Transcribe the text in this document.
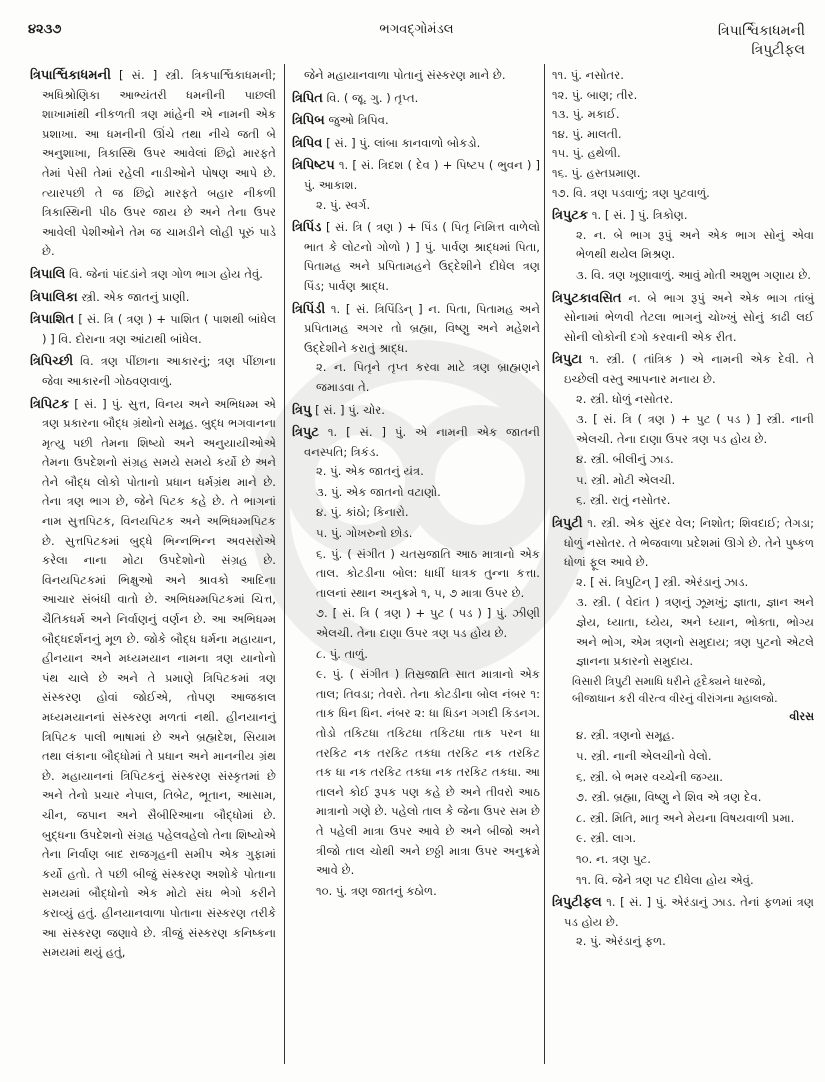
૪૨૩૭	ભગવદ્ગોમંડલ	ત્રિપાર્શ્વિકાધમની
ત્રિપુટીફલ

ત્રિપાર્શ્વિકાધમની [ સં. ] સ્ત્રી. ત્રિકપાર્શ્વિકાધમની; અધિશ્રોણિકા આભ્યંતરી ધમનીની પાછલી શાખામાંથી નીકળતી ત્રણ માંહેની એ નામની એક પ્રશાખા. આ ધમનીની ઊંચે તથા નીચે જતી બે અનુશાખા, ત્રિકાસ્થિ ઉપર આવેલાં છિદ્રો મારફતે તેમાં પેસી તેમાં રહેલી નાડીઓને પોષણ આપે છે. ત્યારપછી તે જ છિદ્રો મારફતે બહાર નીકળી ત્રિકાસ્થિની પીઠ ઉપર જાય છે અને તેના ઉપર આવેલી પેશીઓને તેમ જ ચામડીને લોહી પૂરું પાડે છે.

ત્રિપાલિ વિ. જેનાં પાંદડાંને ત્રણ ગોળ ભાગ હોય તેવું.

ત્રિપાલિકા સ્ત્રી. એક જાતનું પ્રાણી.

ત્રિપાશિત [ સં. ત્રિ ( ત્રણ ) + પાશિત ( પાશથી બાંધેલ ) ] વિ. દોરાના ત્રણ આંટાથી બાંધેલ.

ત્રિપિચ્છી વિ. ત્રણ પીંછાના આકારનું; ત્રણ પીંછાના જેવા આકારની ગોઠવણવાળું.

ત્રિપિટક [ સં. ] પું. સુત્ત, વિનય અને અભિધમ્મ એ ત્રણ પ્રકારના બૌદ્ધ ગ્રંથોનો સમૂહ. બુદ્ધ ભગવાનના મૃત્યુ પછી તેમના શિષ્યો અને અનુયાયીઓએ તેમના ઉપદેશનો સંગ્રહ સમયે સમયે કર્યો છે અને તેને બૌદ્ધ લોકો પોતાનો પ્રધાન ધર્મગ્રંથ માને છે. તેના ત્રણ ભાગ છે, જેને પિટક કહે છે. તે ભાગનાં નામ સુત્તપિટક, વિનયપિટક અને અભિધમ્મપિટક છે. સુત્તપિટકમાં બુદ્ધે ભિન્નભિન્ન અવસરોએ કરેલા નાના મોટા ઉપદેશોનો સંગ્રહ છે. વિનયપિટકમાં ભિક્ષુઓ અને શ્રાવકો આદિના આચાર સંબંધી વાતો છે. અભિધમ્મપિટકમાં ચિત્ત, ચૈતિકધર્મ અને નિર્વાણનું વર્ણન છે. આ અભિધમ્મ બૌદ્ધદર્શનનું મૂળ છે. જોકે બૌદ્ધ ધર્મના મહાયાન, હીનયાન અને મધ્યમયાન નામના ત્રણ યાનોનો પંથ ચાલે છે અને તે પ્રમાણે ત્રિપિટકમાં ત્રણ સંસ્કરણ હોવાં જોઈએ, તોપણ આજકાલ મધ્યમયાનનાં સંસ્કરણ મળતાં નથી. હીનયાનનું ત્રિપિટક પાલી ભાષામાં છે અને બ્રહ્મદેશ, સિયામ તથા લંકાના બૌદ્ધોમાં તે પ્રધાન અને માનનીય ગ્રંથ છે. મહાયાનનાં ત્રિપિટકનું સંસ્કરણ સંસ્કૃતમાં છે અને તેનો પ્રચાર નેપાલ, તિબેટ, ભૂતાન, આસામ, ચીન, જપાન અને સૈબીરિઆના બૌદ્ધોમાં છે. બુદ્ધના ઉપદેશનો સંગ્રહ પહેલવહેલો તેના શિષ્યોએ તેના નિર્વાણ બાદ રાજગૃહની સમીપ એક ગુફામાં કર્યો હતો. તે પછી બીજું સંસ્કરણ અશોકે પોતાના સમયમાં બૌદ્ધોનો એક મોટો સંઘ ભેગો કરીને કરાવ્યું હતું. હીનયાનવાળા પોતાના સંસ્કરણ તરીકે આ સંસ્કરણ જણાવે છે. ત્રીજું સંસ્કરણ કનિષ્કના સમયમાં થયું હતું,

જેને મહાયાનવાળા પોતાનું સંસ્કરણ માને છે.

ત્રિપિત વિ. ( જૂ. ગુ. ) તૃપ્ત.

ત્રિપિબ જુઓ ત્રિપિવ.

ત્રિપિવ [ સં. ] પું. લાંબા કાનવાળો બોકડો.

ત્રિપિષ્ટપ ૧. [ સં. ત્રિદશ ( દેવ ) + પિષ્ટપ ( ભુવન ) ] પું. આકાશ.
૨. પું. સ્વર્ગ.

ત્રિપિંડ [ સં. ત્રિ ( ત્રણ ) + પિંડ ( પિતૃ નિમિત્ત વાળેલો ભાત કે લોટનો ગોળો ) ] પું. પાર્વણ શ્રાદ્ધમાં પિતા, પિતામહ અને પ્રપિતામહને ઉદ્દેશીને દીધેલ ત્રણ પિંડ; પાર્વણ શ્રાદ્ધ.

ત્રિપિંડી ૧. [ સં. ત્રિપિંડિન્ ] ન. પિતા, પિતામહ અને પ્રપિતામહ અગર તો બ્રહ્મા, વિષ્ણુ અને મહેશને ઉદ્દેશીને કરાતું શ્રાદ્ધ.
૨. ન. પિતૃને તૃપ્ત કરવા માટે ત્રણ બ્રાહ્મણને જમાડવા તે.

ત્રિપુ [ સં. ] પું. ચોર.

ત્રિપુટ ૧. [ સં. ] પું. એ નામની એક જાતની વનસ્પતિ; ત્રિકંડ.
૨. પું. એક જાતનું યંત્ર.
૩. પું. એક જાતનો વટાણો.
૪. પું. કાંઠો; કિનારો.
૫. પું. ગોખરુનો છોડ.
૬. પું. ( સંગીત ) ચતસ્રજાતિ આઠ માત્રાનો એક તાલ. કોટડીના બોલ: ધાધીં ધાત્રક તુન્ના કત્તા. તાલનાં સ્થાન અનુક્રમે ૧, ૫, ૭ માત્રા ઉપર છે.
૭. [ સં. ત્રિ ( ત્રણ ) + પુટ ( પડ ) ] પું. ઝીણી એલચી. તેના દાણા ઉપર ત્રણ પડ હોય છે.
૮. પું. તાળું.
૯. પું. ( સંગીત ) તિસ્રજાતિ સાત માત્રાનો એક તાલ; તિવડા; તેવરો. તેના કોટડીના બોલ નંબર ૧: તાક ધિન ધિન. નંબર ૨: ધા ધિડન ગગદી કિડનગ. તોડો તકિટધા તકિટધા તકિટધા તાક પરન ધા તરકિટ નક તરકિટ તકધા તરકિટ નક તરકિટ તક ધા નક તરકિટ તકધા નક તરકિટ તકધા. આ તાલને કોઈ રૂપક પણ કહે છે અને તીવરો આઠ માત્રાનો ગણે છે. પહેલો તાલ કે જેના ઉપર સમ છે તે પહેલી માત્રા ઉપર આવે છે અને બીજો અને ત્રીજો તાલ ચોથી અને છઠ્ઠી માત્રા ઉપર અનુક્રમે આવે છે.
૧૦. પું. ત્રણ જાતનું કઠોળ.
૧૧. પું. નસોતર.
૧૨. પું. બાણ; તીર.
૧૩. પું. મકાઈ.
૧૪. પું. માલતી.
૧૫. પું. હથેળી.
૧૬. પું. હસ્તપ્રમાણ.
૧૭. વિ. ત્રણ પડવાળું; ત્રણ પુટવાળું.
ત્રિપુટક ૧. [ સં. ] પું. ત્રિકોણ.
૨. ન. બે ભાગ રૂપું અને એક ભાગ સોનું એવા ભેળથી થયેલ મિશ્રણ.
૩. વિ. ત્રણ ખૂણાવાળું. આવું મોતી અશુભ ગણાય છે.

ત્રિપુટકાવસિત ન. બે ભાગ રૂપું અને એક ભાગ તાંબું સોનામાં ભેળવી તેટલા ભાગનું ચોખ્ખું સોનું કાઢી લઈ સોની લોકોની દગો કરવાની એક રીત.

ત્રિપુટા ૧. સ્ત્રી. ( તાંત્રિક ) એ નામની એક દેવી. તે ઇચ્છેલી વસ્તુ આપનાર મનાય છે.
૨. સ્ત્રી. ધોળું નસોતર.
૩. [ સં. ત્રિ ( ત્રણ ) + પુટ ( પડ ) ] સ્ત્રી. નાની એલચી. તેના દાણા ઉપર ત્રણ પડ હોય છે.
૪. સ્ત્રી. બીલીનું ઝાડ.
૫. સ્ત્રી. મોટી એલચી.
૬. સ્ત્રી. રાતું નસોતર.
ત્રિપુટી ૧. સ્ત્રી. એક સુંદર વેલ; નિશોત; શિવદાઈ; તેગડા; ધોળું નસોતર. તે ભેજવાળા પ્રદેશમાં ઊગે છે. તેને પુષ્કળ ધોળાં ફૂલ આવે છે.
૨. [ સં. ત્રિપુટિન્ ] સ્ત્રી. એરંડાનું ઝાડ.
૩. સ્ત્રી. ( વેદાંત ) ત્રણનું ઝૂમખું; જ્ઞાતા, જ્ઞાન અને જ્ઞેય, ધ્યાતા, ધ્યેય, અને ધ્યાન, ભોક્તા, ભોગ્ય અને ભોગ, એમ ત્રણનો સમુદાય; ત્રણ પુટનો એટલે જ્ઞાનના પ્રકારનો સમુદાય.
વિસારી ત્રિપુટી સમાધિ ધરીને હૃદૈક્યને ધારજો,
બીજાધાન કરી વીરત્વ વીરનું વીરાંગના મ્હાલજો.
વીરસ
૪. સ્ત્રી. ત્રણનો સમૂહ.
૫. સ્ત્રી. નાની એલચીનો વેલો.
૬. સ્ત્રી. બે ભમર વચ્ચેની જગ્યા.
૭. સ્ત્રી. બ્રહ્મા, વિષ્ણુ ને શિવ એ ત્રણ દેવ.
૮. સ્ત્રી. મિતિ, માતૃ અને મેયના વિષયવાળી પ્રમા.
૯. સ્ત્રી. લાગ.
૧૦. ન. ત્રણ પુટ.
૧૧. વિ. જેને ત્રણ પટ દીધેલા હોય એવું.
ત્રિપુટીફલ ૧. [ સં. ] પું. એરંડાનું ઝાડ. તેનાં ફળમાં ત્રણ પડ હોય છે.
૨. પું. એરંડાનું ફળ.
